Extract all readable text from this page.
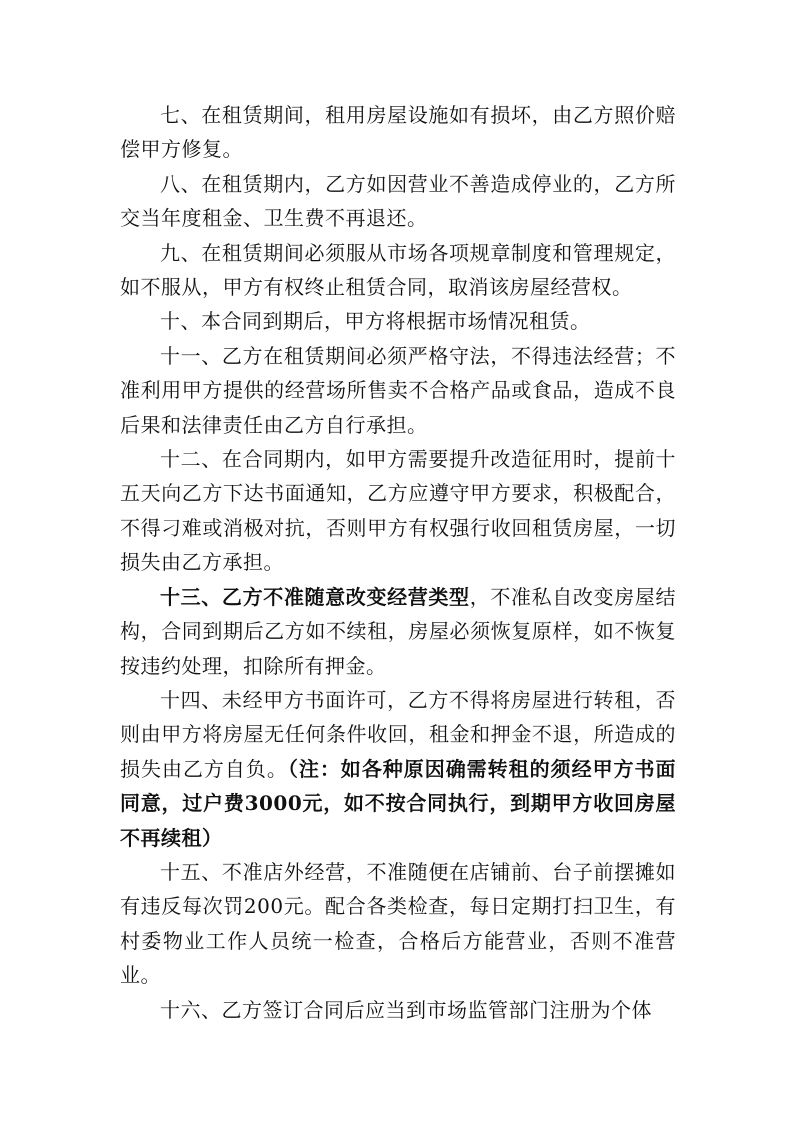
七、在租赁期间，租用房屋设施如有损坏，由乙方照价赔偿甲方修复。

八、在租赁期内，乙方如因营业不善造成停业的，乙方所交当年度租金、卫生费不再退还。

九、在租赁期间必须服从市场各项规章制度和管理规定，如不服从，甲方有权终止租赁合同，取消该房屋经营权。

十、本合同到期后，甲方将根据市场情况租赁。

十一、乙方在租赁期间必须严格守法，不得违法经营；不准利用甲方提供的经营场所售卖不合格产品或食品，造成不良后果和法律责任由乙方自行承担。

十二、在合同期内，如甲方需要提升改造征用时，提前十五天向乙方下达书面通知，乙方应遵守甲方要求，积极配合，不得刁难或消极对抗，否则甲方有权强行收回租赁房屋，一切损失由乙方承担。

十三、乙方不准随意改变经营类型，不准私自改变房屋结构，合同到期后乙方如不续租，房屋必须恢复原样，如不恢复按违约处理，扣除所有押金。

十四、未经甲方书面许可，乙方不得将房屋进行转租，否则由甲方将房屋无任何条件收回，租金和押金不退，所造成的损失由乙方自负。（注：如各种原因确需转租的须经甲方书面同意，过户费3000元，如不按合同执行，到期甲方收回房屋不再续租）

十五、不准店外经营，不准随便在店铺前、台子前摆摊如有违反每次罚200元。配合各类检查，每日定期打扫卫生，有村委物业工作人员统一检查，合格后方能营业，否则不准营业。

十六、乙方签订合同后应当到市场监管部门注册为个体
